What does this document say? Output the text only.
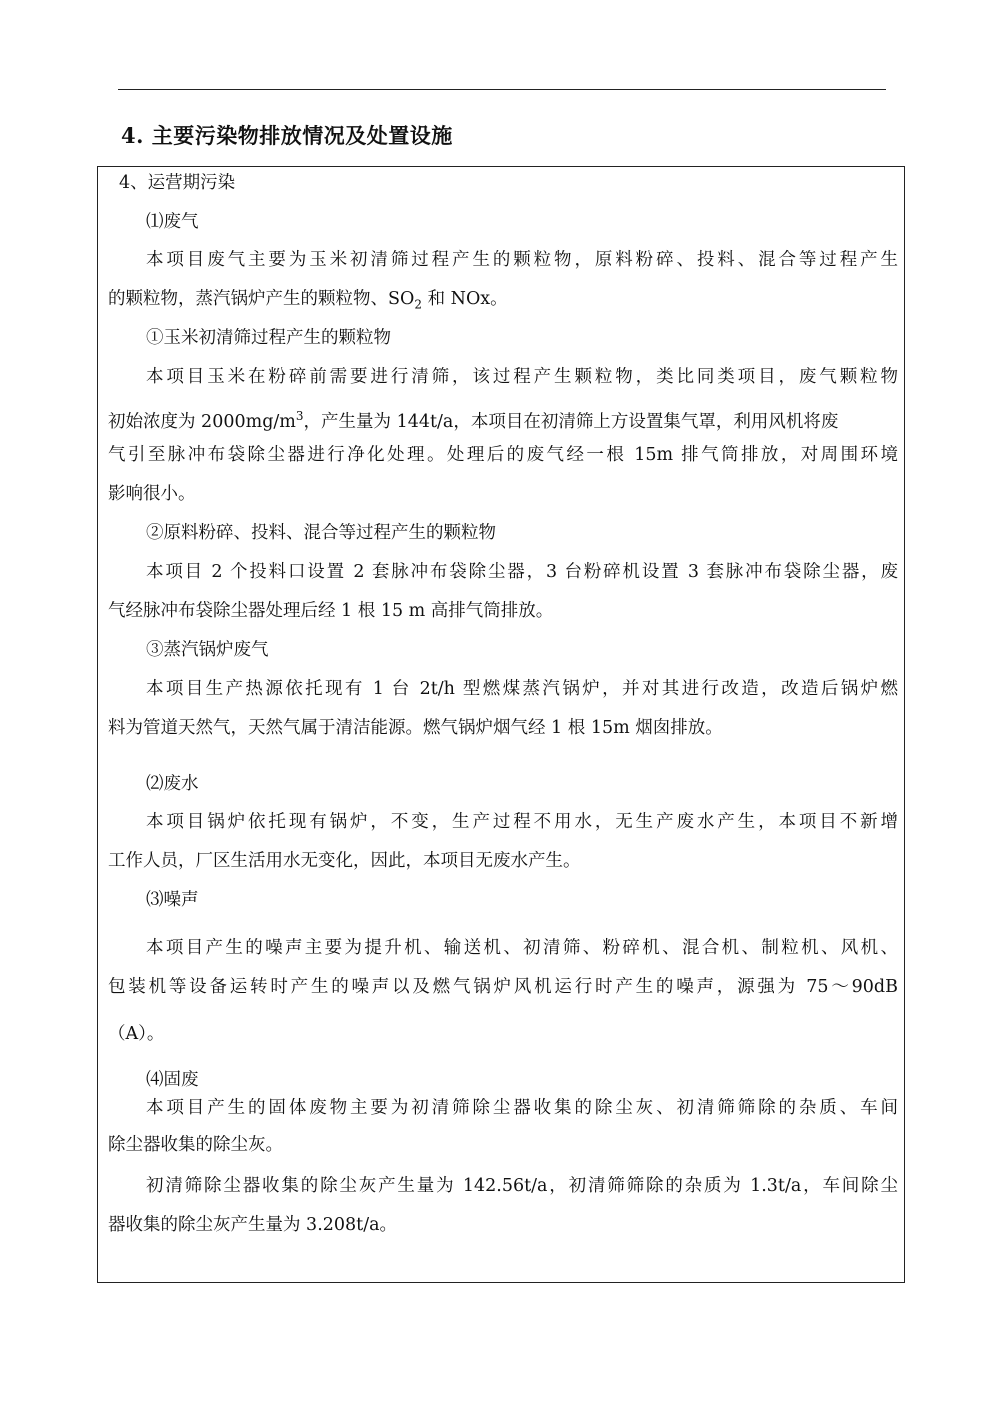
4. 主要污染物排放情况及处置设施

4、运营期污染

⑴废气

本项目废气主要为玉米初清筛过程产生的颗粒物，原料粉碎、投料、混合等过程产生
的颗粒物，蒸汽锅炉产生的颗粒物、$SO_2$ 和 NOx。

①玉米初清筛过程产生的颗粒物

本项目玉米在粉碎前需要进行清筛，该过程产生颗粒物，类比同类项目，废气颗粒物
初始浓度为 $2000mg/m^3$，产生量为 144t/a，本项目在初清筛上方设置集气罩，利用风机将废
气引至脉冲布袋除尘器进行净化处理。处理后的废气经一根 15m 排气筒排放，对周围环境
影响很小。

②原料粉碎、投料、混合等过程产生的颗粒物

本项目 2 个投料口设置 2 套脉冲布袋除尘器，3 台粉碎机设置 3 套脉冲布袋除尘器，废
气经脉冲布袋除尘器处理后经 1 根 15 m 高排气筒排放。

③蒸汽锅炉废气

本项目生产热源依托现有 1 台 2t/h 型燃煤蒸汽锅炉，并对其进行改造，改造后锅炉燃
料为管道天然气，天然气属于清洁能源。燃气锅炉烟气经 1 根 15m 烟囱排放。

⑵废水

本项目锅炉依托现有锅炉，不变，生产过程不用水，无生产废水产生，本项目不新增
工作人员，厂区生活用水无变化，因此，本项目无废水产生。

⑶噪声

本项目产生的噪声主要为提升机、输送机、初清筛、粉碎机、混合机、制粒机、风机、
包装机等设备运转时产生的噪声以及燃气锅炉风机运行时产生的噪声，源强为 75～90dB
（A）。

⑷固废

本项目产生的固体废物主要为初清筛除尘器收集的除尘灰、初清筛筛除的杂质、车间
除尘器收集的除尘灰。
初清筛除尘器收集的除尘灰产生量为 142.56t/a，初清筛筛除的杂质为 1.3t/a，车间除尘
器收集的除尘灰产生量为 3.208t/a。
